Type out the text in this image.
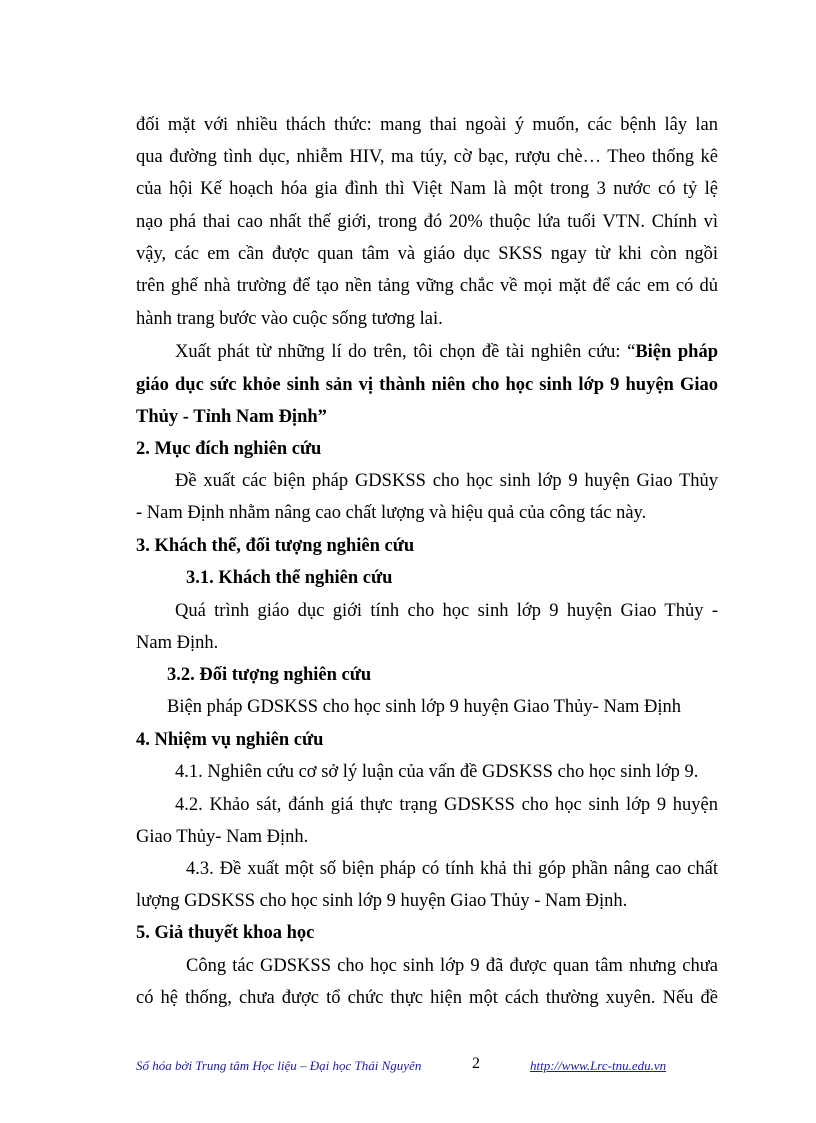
đối mặt với nhiều thách thức: mang thai ngoài ý muốn, các bệnh lây lan
qua đường tình dục, nhiễm HIV, ma túy, cờ bạc, rượu chè… Theo thống kê
của hội Kế hoạch hóa gia đình thì Việt Nam là một trong 3 nước có tỷ lệ
nạo phá thai cao nhất thế giới, trong đó 20% thuộc lứa tuổi VTN. Chính vì
vậy, các em cần được quan tâm và giáo dục SKSS ngay từ khi còn ngồi
trên ghế nhà trường để tạo nền tảng vững chắc về mọi mặt để các em có dủ
hành trang bước vào cuộc sống tương lai.
Xuất phát từ những lí do trên, tôi chọn đề tài nghiên cứu: “Biện pháp
giáo dục sức khỏe sinh sản vị thành niên cho học sinh lớp 9 huyện Giao
Thủy - Tỉnh Nam Định”
2. Mục đích nghiên cứu
Đề xuất các biện pháp GDSKSS cho học sinh lớp 9 huyện Giao Thủy
- Nam Định nhằm nâng cao chất lượng và hiệu quả của công tác này.
3. Khách thể, đối tượng nghiên cứu
3.1. Khách thể nghiên cứu
Quá trình giáo dục giới tính cho học sinh lớp 9 huyện Giao Thủy -
Nam Định.
3.2. Đối tượng nghiên cứu
Biện pháp GDSKSS cho học sinh lớp 9 huyện Giao Thủy- Nam Định
4. Nhiệm vụ nghiên cứu
4.1. Nghiên cứu cơ sở lý luận của vấn đề GDSKSS cho học sinh lớp 9.
4.2. Khảo sát, đánh giá thực trạng GDSKSS cho học sinh lớp 9 huyện
Giao Thủy- Nam Định.
4.3. Đề xuất một số biện pháp có tính khả thi góp phần nâng cao chất
lượng GDSKSS cho học sinh lớp 9 huyện Giao Thủy - Nam Định.
5. Giả thuyết khoa học
Công tác GDSKSS cho học sinh lớp 9 đã được quan tâm nhưng chưa
có hệ thống, chưa được tổ chức thực hiện một cách thường xuyên. Nếu đề
Số hóa bởi Trung tâm Học liệu – Đại học Thái Nguyên	2	http://www.Lrc-tnu.edu.vn
